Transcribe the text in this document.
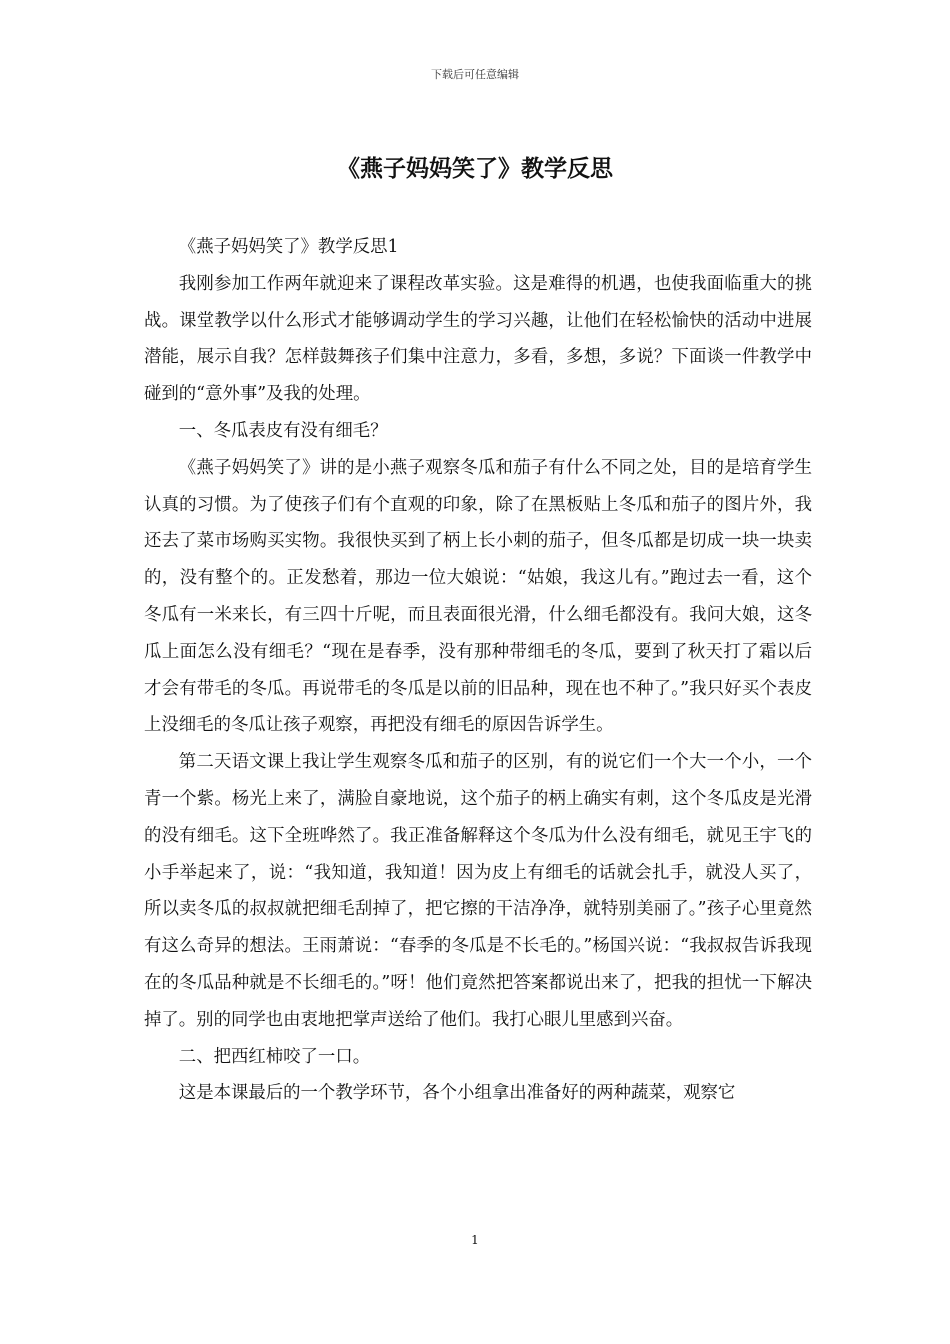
下载后可任意编辑
《燕子妈妈笑了》教学反思

《燕子妈妈笑了》教学反思1

我刚参加工作两年就迎来了课程改革实验。这是难得的机遇，也使我面临重大的挑战。课堂教学以什么形式才能够调动学生的学习兴趣，让他们在轻松愉快的活动中进展潜能，展示自我？怎样鼓舞孩子们集中注意力，多看，多想，多说？下面谈一件教学中碰到的“意外事”及我的处理。

一、冬瓜表皮有没有细毛？

《燕子妈妈笑了》讲的是小燕子观察冬瓜和茄子有什么不同之处，目的是培育学生认真的习惯。为了使孩子们有个直观的印象，除了在黑板贴上冬瓜和茄子的图片外，我还去了菜市场购买实物。我很快买到了柄上长小刺的茄子，但冬瓜都是切成一块一块卖的，没有整个的。正发愁着，那边一位大娘说：“姑娘，我这儿有。”跑过去一看，这个冬瓜有一米来长，有三四十斤呢，而且表面很光滑，什么细毛都没有。我问大娘，这冬瓜上面怎么没有细毛？“现在是春季，没有那种带细毛的冬瓜，要到了秋天打了霜以后才会有带毛的冬瓜。再说带毛的冬瓜是以前的旧品种，现在也不种了。”我只好买个表皮上没细毛的冬瓜让孩子观察，再把没有细毛的原因告诉学生。

第二天语文课上我让学生观察冬瓜和茄子的区别，有的说它们一个大一个小，一个青一个紫。杨光上来了，满脸自豪地说，这个茄子的柄上确实有刺，这个冬瓜皮是光滑的没有细毛。这下全班哗然了。我正准备解释这个冬瓜为什么没有细毛，就见王宇飞的小手举起来了，说：“我知道，我知道！因为皮上有细毛的话就会扎手，就没人买了，所以卖冬瓜的叔叔就把细毛刮掉了，把它擦的干洁净净，就特别美丽了。”孩子心里竟然有这么奇异的想法。王雨萧说：“春季的冬瓜是不长毛的。”杨国兴说：“我叔叔告诉我现在的冬瓜品种就是不长细毛的。”呀！他们竟然把答案都说出来了，把我的担忧一下解决掉了。别的同学也由衷地把掌声送给了他们。我打心眼儿里感到兴奋。

二、把西红柿咬了一口。

这是本课最后的一个教学环节，各个小组拿出准备好的两种蔬菜，观察它

1
